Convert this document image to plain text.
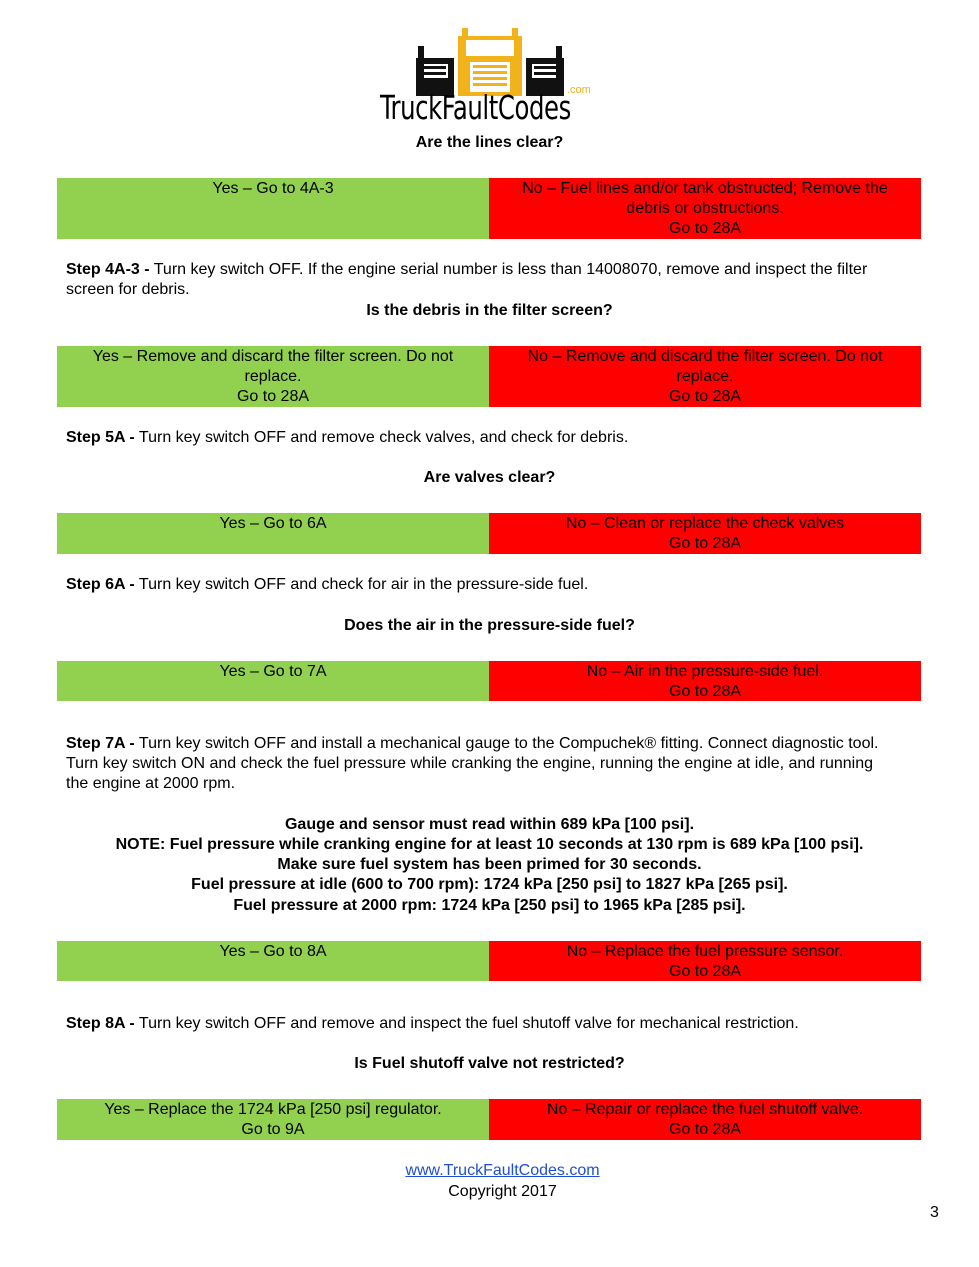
TruckFaultCodes
.com
Are the lines clear?
Yes – Go to 4A-3	No – Fuel lines and/or tank obstructed; Remove the
debris or obstructions.
Go to 28A
Step 4A-3 - Turn key switch OFF. If the engine serial number is less than 14008070, remove and inspect the filter screen for debris.
Is the debris in the filter screen?
Yes – Remove and discard the filter screen. Do not
replace.
Go to 28A
No – Remove and discard the filter screen. Do not
replace.
Go to 28A
Step 5A - Turn key switch OFF and remove check valves, and check for debris.
Are valves clear?
Yes – Go to 6A	No – Clean or replace the check valves
Go to 28A
Step 6A - Turn key switch OFF and check for air in the pressure-side fuel.
Does the air in the pressure-side fuel?
Yes – Go to 7A	No – Air in the pressure-side fuel.
Go to 28A
Step 7A - Turn key switch OFF and install a mechanical gauge to the Compuchek® fitting. Connect diagnostic tool. Turn key switch ON and check the fuel pressure while cranking the engine, running the engine at idle, and running the engine at 2000 rpm.
Gauge and sensor must read within 689 kPa [100 psi].
NOTE: Fuel pressure while cranking engine for at least 10 seconds at 130 rpm is 689 kPa [100 psi].
Make sure fuel system has been primed for 30 seconds.
Fuel pressure at idle (600 to 700 rpm): 1724 kPa [250 psi] to 1827 kPa [265 psi].
Fuel pressure at 2000 rpm: 1724 kPa [250 psi] to 1965 kPa [285 psi].
Yes – Go to 8A	No – Replace the fuel pressure sensor.
Go to 28A
Step 8A - Turn key switch OFF and remove and inspect the fuel shutoff valve for mechanical restriction.
Is Fuel shutoff valve not restricted?
Yes – Replace the 1724 kPa [250 psi] regulator.
Go to 9A
No – Repair or replace the fuel shutoff valve.
Go to 28A
www.TruckFaultCodes.com
Copyright 2017
3
